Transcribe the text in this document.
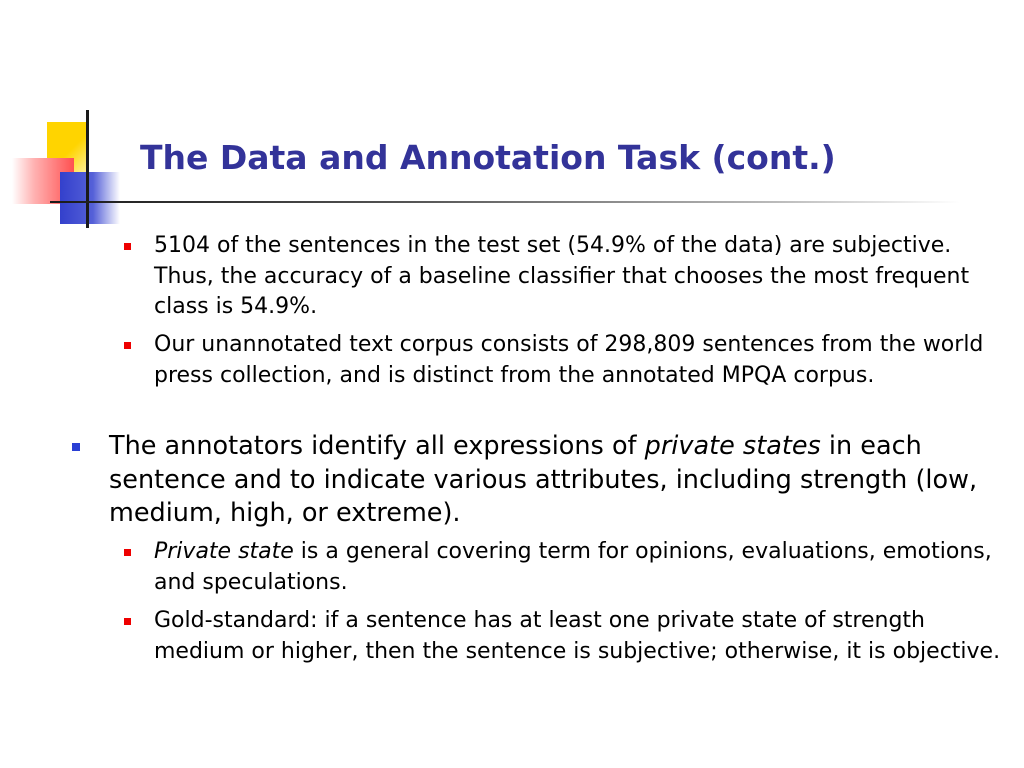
The Data and Annotation Task (cont.)

5104 of the sentences in the test set (54.9% of the data) are subjective. Thus, the accuracy of a baseline classifier that chooses the most frequent class is 54.9%.

Our unannotated text corpus consists of 298,809 sentences from the world press collection, and is distinct from the annotated MPQA corpus.

The annotators identify all expressions of private states in each sentence and to indicate various attributes, including strength (low, medium, high, or extreme).

Private state is a general covering term for opinions, evaluations, emotions, and speculations.

Gold-standard: if a sentence has at least one private state of strength medium or higher, then the sentence is subjective; otherwise, it is objective.
